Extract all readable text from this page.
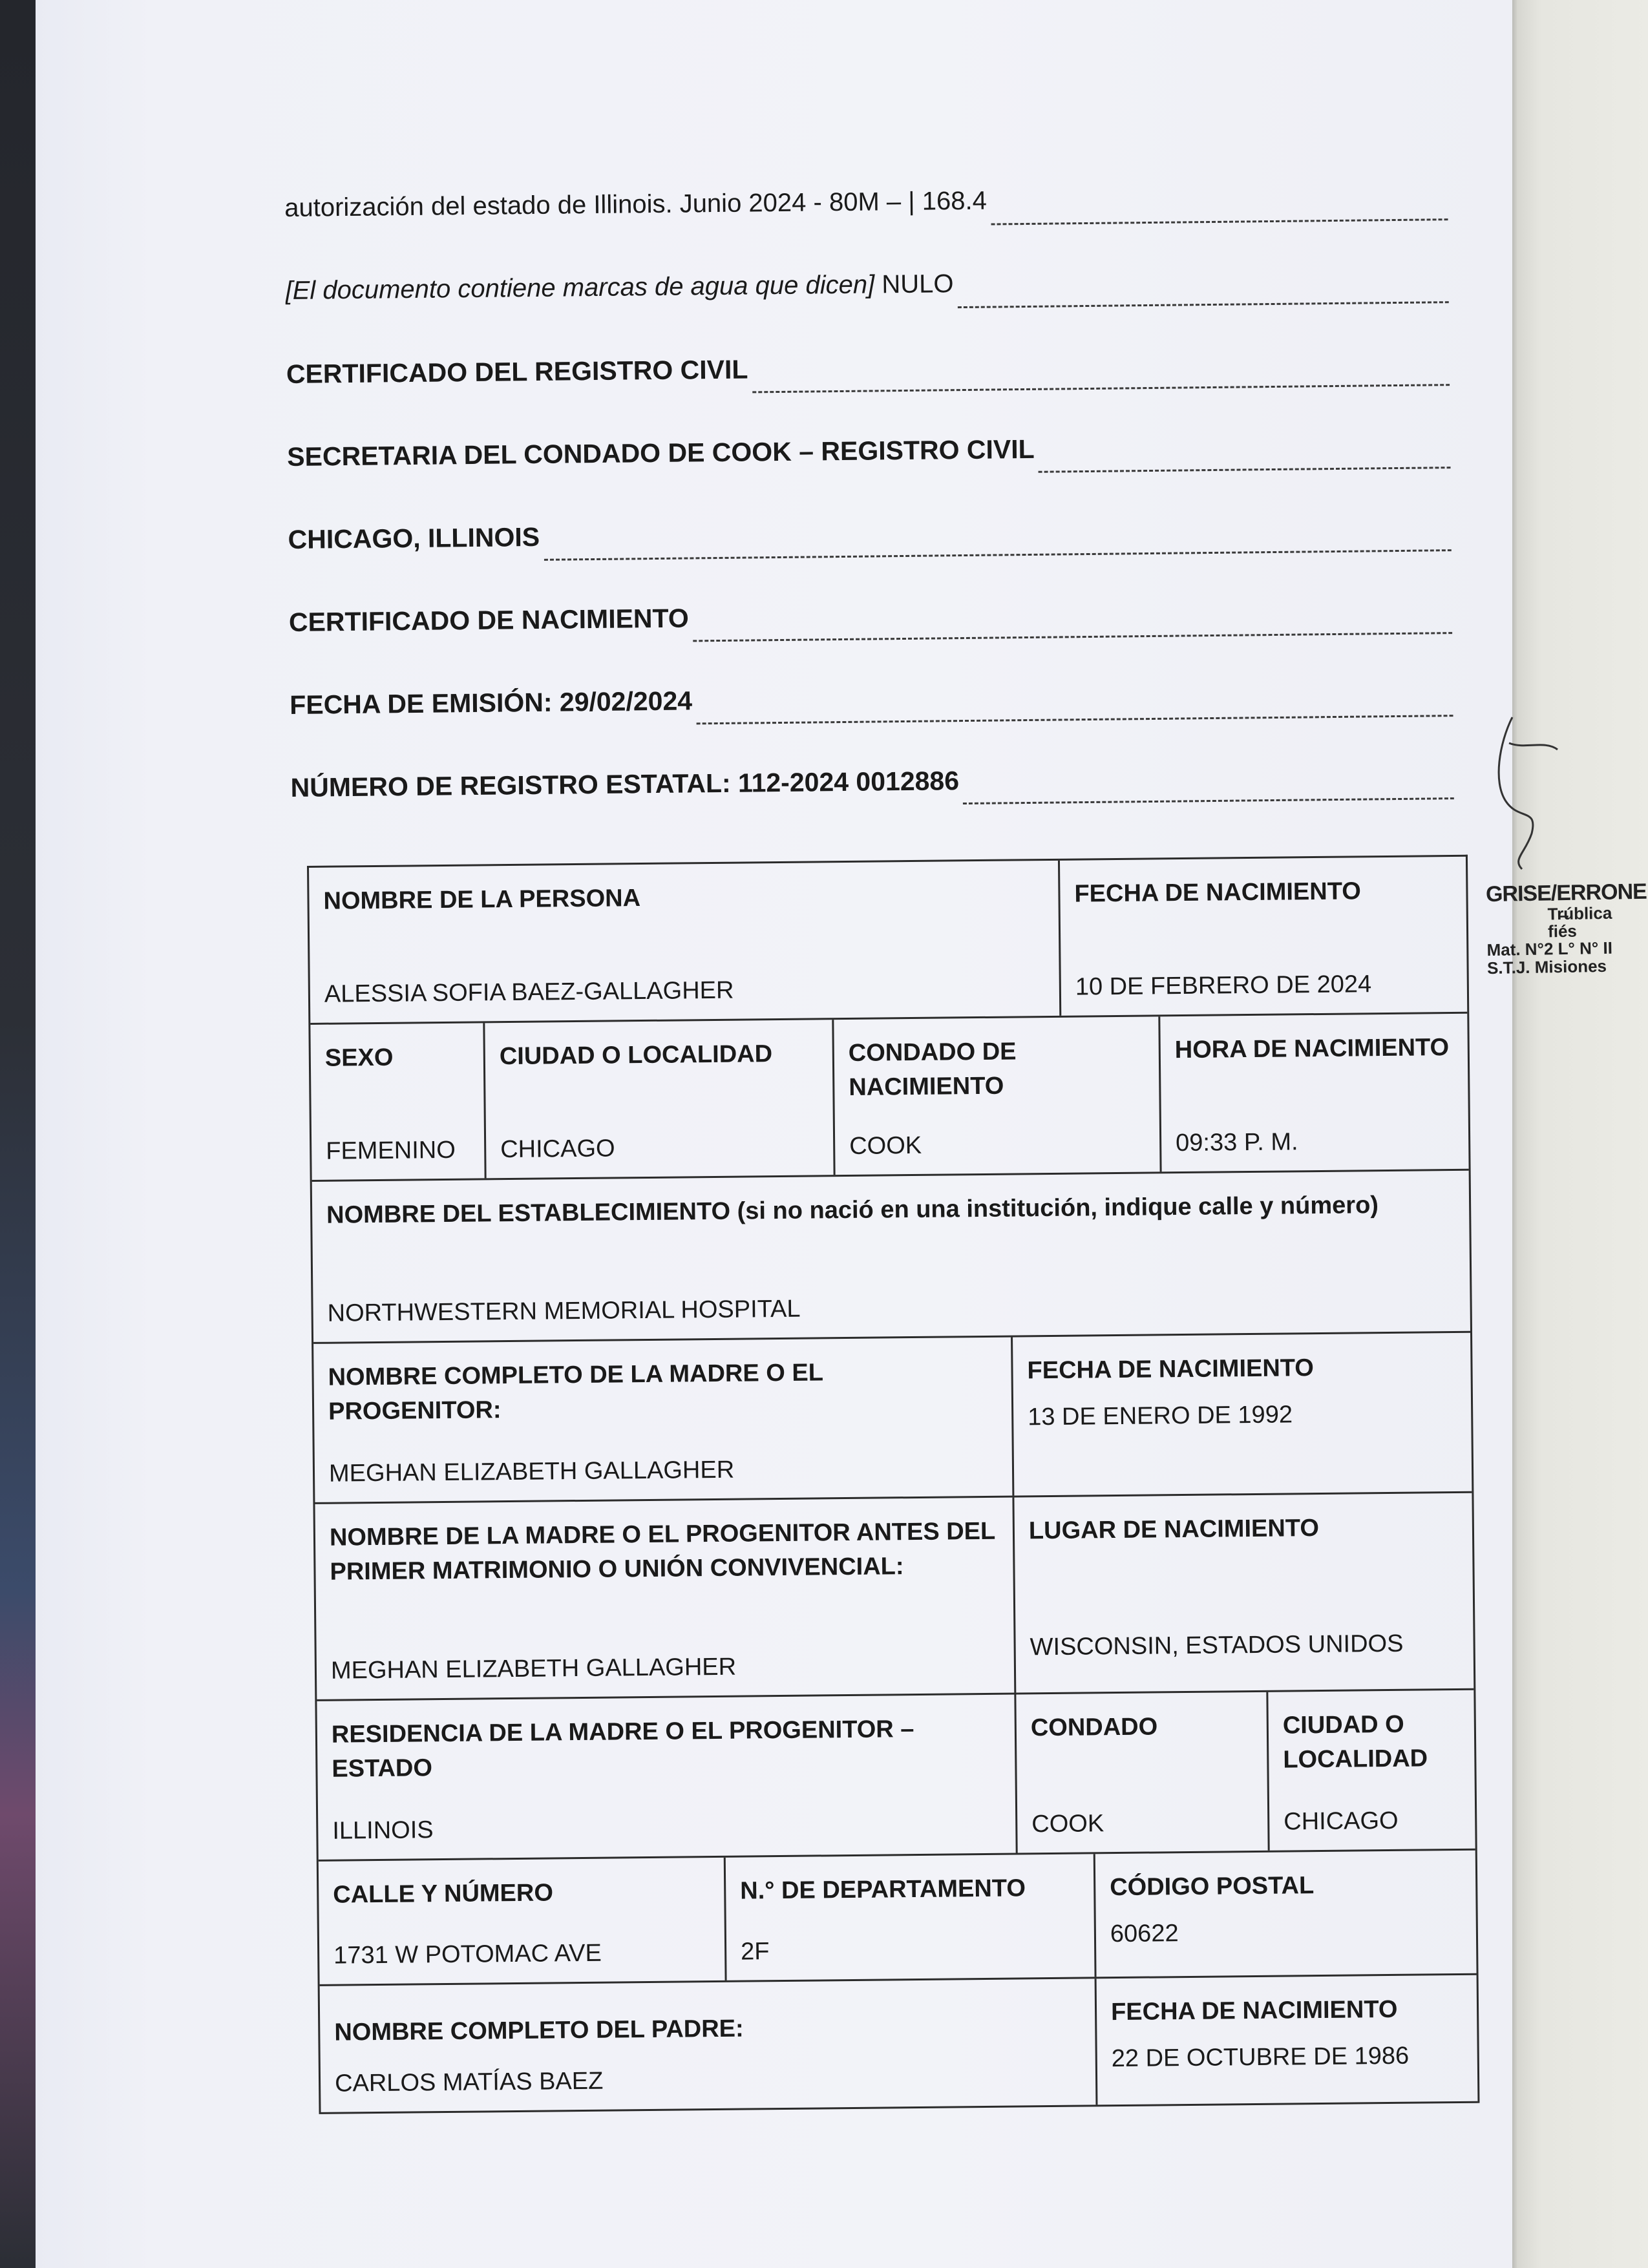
autorización del estado de Illinois. Junio 2024 - 80M – | 168.4
[El documento contiene marcas de agua que dicen] NULO
CERTIFICADO DEL REGISTRO CIVIL
SECRETARIA DEL CONDADO DE COOK – REGISTRO CIVIL
CHICAGO, ILLINOIS
CERTIFICADO DE NACIMIENTO
FECHA DE EMISIÓN: 29/02/2024
NÚMERO DE REGISTRO ESTATAL: 112-2024 0012886
NOMBRE DE LA PERSONA
ALESSIA SOFIA BAEZ-GALLAGHER
FECHA DE NACIMIENTO
10 DE FEBRERO DE 2024
SEXO
FEMENINO
CIUDAD O LOCALIDAD
CHICAGO
CONDADO DE NACIMIENTO
COOK
HORA DE NACIMIENTO
09:33 P. M.
NOMBRE DEL ESTABLECIMIENTO (si no nació en una institución, indique calle y número)
NORTHWESTERN MEMORIAL HOSPITAL
NOMBRE COMPLETO DE LA MADRE O EL PROGENITOR:
MEGHAN ELIZABETH GALLAGHER
FECHA DE NACIMIENTO
13 DE ENERO DE 1992
NOMBRE DE LA MADRE O EL PROGENITOR ANTES DEL PRIMER MATRIMONIO O UNIÓN CONVIVENCIAL:
MEGHAN ELIZABETH GALLAGHER
LUGAR DE NACIMIENTO
WISCONSIN, ESTADOS UNIDOS
RESIDENCIA DE LA MADRE O EL PROGENITOR – ESTADO
ILLINOIS
CONDADO
COOK
CIUDAD O LOCALIDAD
CHICAGO
CALLE Y NÚMERO
1731 W POTOMAC AVE
N.° DE DEPARTAMENTO
2F
CÓDIGO POSTAL
60622
NOMBRE COMPLETO DEL PADRE:
CARLOS MATÍAS BAEZ
FECHA DE NACIMIENTO
22 DE OCTUBRE DE 1986
GRISE/ERRONE
Tr̶ública
ﬁés
Mat. N°2 L° N° II
S.T.J. Misiones
